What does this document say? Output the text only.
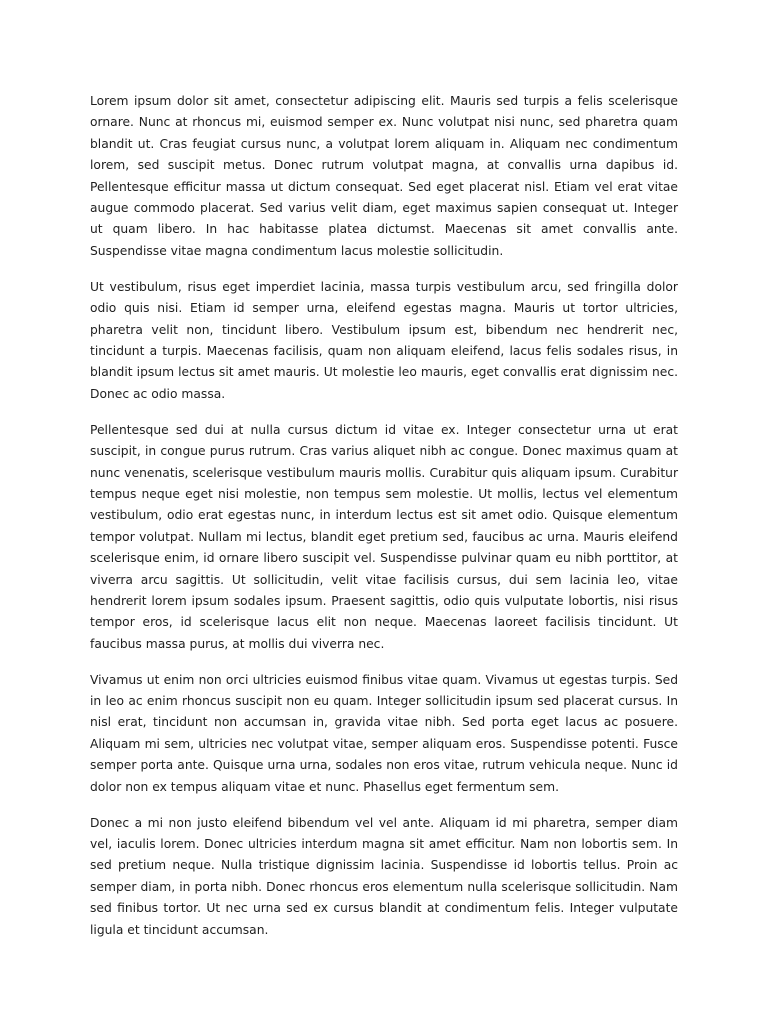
Lorem ipsum dolor sit amet, consectetur adipiscing elit. Mauris sed turpis a felis scelerisque ornare. Nunc at rhoncus mi, euismod semper ex. Nunc volutpat nisi nunc, sed pharetra quam blandit ut. Cras feugiat cursus nunc, a volutpat lorem aliquam in. Aliquam nec condimentum lorem, sed suscipit metus. Donec rutrum volutpat magna, at convallis urna dapibus id. Pellentesque efficitur massa ut dictum consequat. Sed eget placerat nisl. Etiam vel erat vitae augue commodo placerat. Sed varius velit diam, eget maximus sapien consequat ut. Integer ut quam libero. In hac habitasse platea dictumst. Maecenas sit amet convallis ante. Suspendisse vitae magna condimentum lacus molestie sollicitudin.

Ut vestibulum, risus eget imperdiet lacinia, massa turpis vestibulum arcu, sed fringilla dolor odio quis nisi. Etiam id semper urna, eleifend egestas magna. Mauris ut tortor ultricies, pharetra velit non, tincidunt libero. Vestibulum ipsum est, bibendum nec hendrerit nec, tincidunt a turpis. Maecenas facilisis, quam non aliquam eleifend, lacus felis sodales risus, in blandit ipsum lectus sit amet mauris. Ut molestie leo mauris, eget convallis erat dignissim nec. Donec ac odio massa.

Pellentesque sed dui at nulla cursus dictum id vitae ex. Integer consectetur urna ut erat suscipit, in congue purus rutrum. Cras varius aliquet nibh ac congue. Donec maximus quam at nunc venenatis, scelerisque vestibulum mauris mollis. Curabitur quis aliquam ipsum. Curabitur tempus neque eget nisi molestie, non tempus sem molestie. Ut mollis, lectus vel elementum vestibulum, odio erat egestas nunc, in interdum lectus est sit amet odio. Quisque elementum tempor volutpat. Nullam mi lectus, blandit eget pretium sed, faucibus ac urna. Mauris eleifend scelerisque enim, id ornare libero suscipit vel. Suspendisse pulvinar quam eu nibh porttitor, at viverra arcu sagittis. Ut sollicitudin, velit vitae facilisis cursus, dui sem lacinia leo, vitae hendrerit lorem ipsum sodales ipsum. Praesent sagittis, odio quis vulputate lobortis, nisi risus tempor eros, id scelerisque lacus elit non neque. Maecenas laoreet facilisis tincidunt. Ut faucibus massa purus, at mollis dui viverra nec.

Vivamus ut enim non orci ultricies euismod finibus vitae quam. Vivamus ut egestas turpis. Sed in leo ac enim rhoncus suscipit non eu quam. Integer sollicitudin ipsum sed placerat cursus. In nisl erat, tincidunt non accumsan in, gravida vitae nibh. Sed porta eget lacus ac posuere. Aliquam mi sem, ultricies nec volutpat vitae, semper aliquam eros. Suspendisse potenti. Fusce semper porta ante. Quisque urna urna, sodales non eros vitae, rutrum vehicula neque. Nunc id dolor non ex tempus aliquam vitae et nunc. Phasellus eget fermentum sem.

Donec a mi non justo eleifend bibendum vel vel ante. Aliquam id mi pharetra, semper diam vel, iaculis lorem. Donec ultricies interdum magna sit amet efficitur. Nam non lobortis sem. In sed pretium neque. Nulla tristique dignissim lacinia. Suspendisse id lobortis tellus. Proin ac semper diam, in porta nibh. Donec rhoncus eros elementum nulla scelerisque sollicitudin. Nam sed finibus tortor. Ut nec urna sed ex cursus blandit at condimentum felis. Integer vulputate ligula et tincidunt accumsan.
